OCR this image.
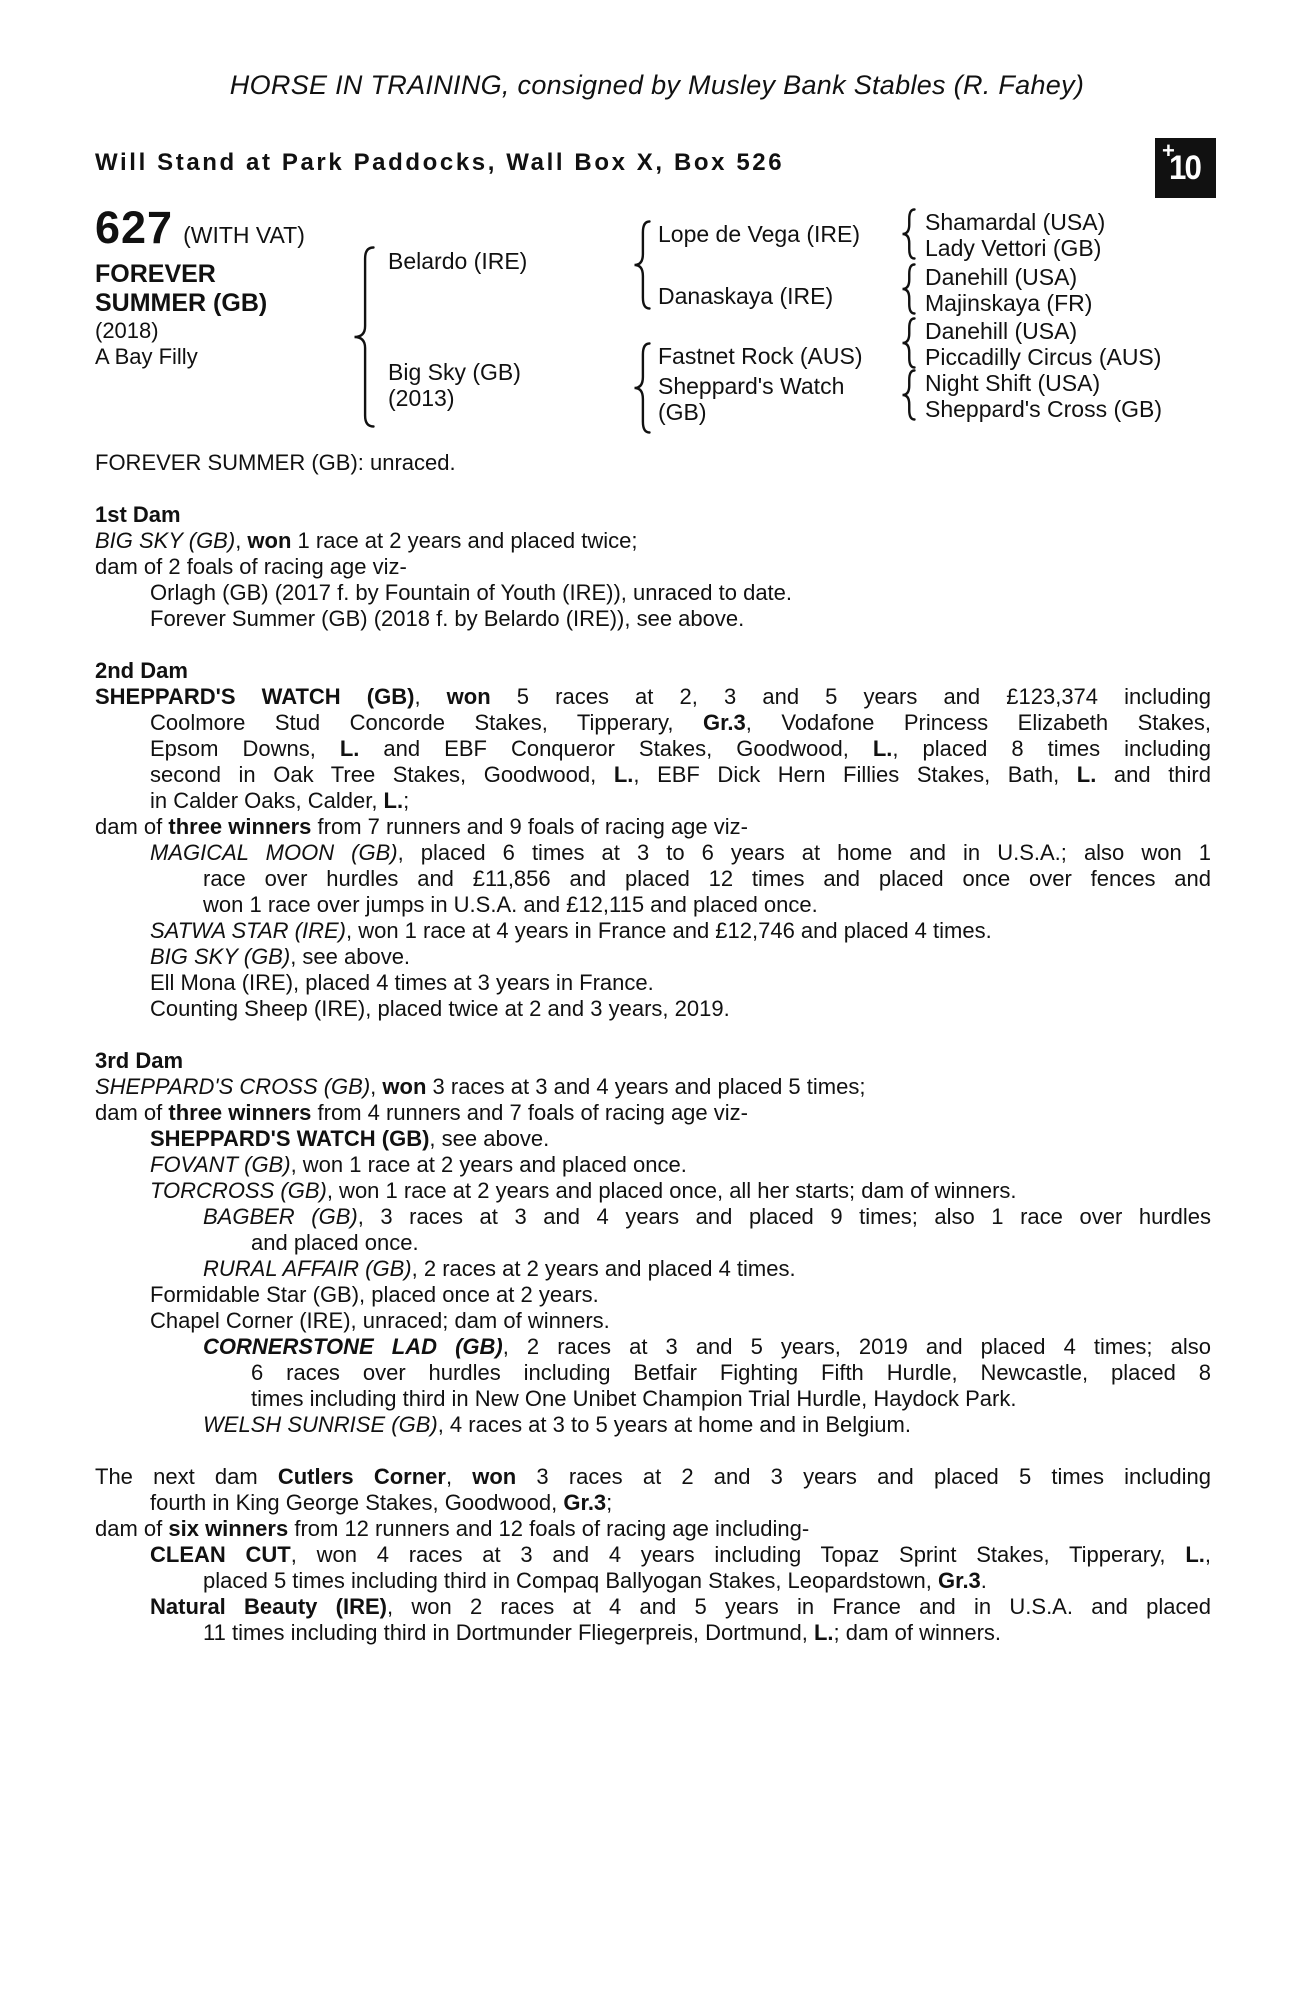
HORSE IN TRAINING, consigned by Musley Bank Stables (R. Fahey)
Will Stand at Park Paddocks, Wall Box X, Box 526	+
10
627 (WITH VAT)
FOREVER
SUMMER (GB)
(2018)
A Bay Filly
Belardo (IRE)
Big Sky (GB)
(2013)
Lope de Vega (IRE)
Danaskaya (IRE)
Fastnet Rock (AUS)
Sheppard's Watch
(GB)
Shamardal (USA)
Lady Vettori (GB)
Danehill (USA)
Majinskaya (FR)
Danehill (USA)
Piccadilly Circus (AUS)
Night Shift (USA)
Sheppard's Cross (GB)
FOREVER SUMMER (GB): unraced.
1st Dam
BIG SKY (GB), won 1 race at 2 years and placed twice;
dam of 2 foals of racing age viz-
Orlagh (GB) (2017 f. by Fountain of Youth (IRE)), unraced to date.
Forever Summer (GB) (2018 f. by Belardo (IRE)), see above.
2nd Dam
SHEPPARD'S WATCH (GB), won 5 races at 2, 3 and 5 years and £123,374 including
Coolmore Stud Concorde Stakes, Tipperary, Gr.3, Vodafone Princess Elizabeth Stakes,
Epsom Downs, L. and EBF Conqueror Stakes, Goodwood, L., placed 8 times including
second in Oak Tree Stakes, Goodwood, L., EBF Dick Hern Fillies Stakes, Bath, L. and third
in Calder Oaks, Calder, L.;
dam of three winners from 7 runners and 9 foals of racing age viz-
MAGICAL MOON (GB), placed 6 times at 3 to 6 years at home and in U.S.A.; also won 1
race over hurdles and £11,856 and placed 12 times and placed once over fences and
won 1 race over jumps in U.S.A. and £12,115 and placed once.
SATWA STAR (IRE), won 1 race at 4 years in France and £12,746 and placed 4 times.
BIG SKY (GB), see above.
Ell Mona (IRE), placed 4 times at 3 years in France.
Counting Sheep (IRE), placed twice at 2 and 3 years, 2019.
3rd Dam
SHEPPARD'S CROSS (GB), won 3 races at 3 and 4 years and placed 5 times;
dam of three winners from 4 runners and 7 foals of racing age viz-
SHEPPARD'S WATCH (GB), see above.
FOVANT (GB), won 1 race at 2 years and placed once.
TORCROSS (GB), won 1 race at 2 years and placed once, all her starts; dam of winners.
BAGBER (GB), 3 races at 3 and 4 years and placed 9 times; also 1 race over hurdles
and placed once.
RURAL AFFAIR (GB), 2 races at 2 years and placed 4 times.
Formidable Star (GB), placed once at 2 years.
Chapel Corner (IRE), unraced; dam of winners.
CORNERSTONE LAD (GB), 2 races at 3 and 5 years, 2019 and placed 4 times; also
6 races over hurdles including Betfair Fighting Fifth Hurdle, Newcastle, placed 8
times including third in New One Unibet Champion Trial Hurdle, Haydock Park.
WELSH SUNRISE (GB), 4 races at 3 to 5 years at home and in Belgium.
The next dam Cutlers Corner, won 3 races at 2 and 3 years and placed 5 times including
fourth in King George Stakes, Goodwood, Gr.3;
dam of six winners from 12 runners and 12 foals of racing age including-
CLEAN CUT, won 4 races at 3 and 4 years including Topaz Sprint Stakes, Tipperary, L.,
placed 5 times including third in Compaq Ballyogan Stakes, Leopardstown, Gr.3.
Natural Beauty (IRE), won 2 races at 4 and 5 years in France and in U.S.A. and placed
11 times including third in Dortmunder Fliegerpreis, Dortmund, L.; dam of winners.
